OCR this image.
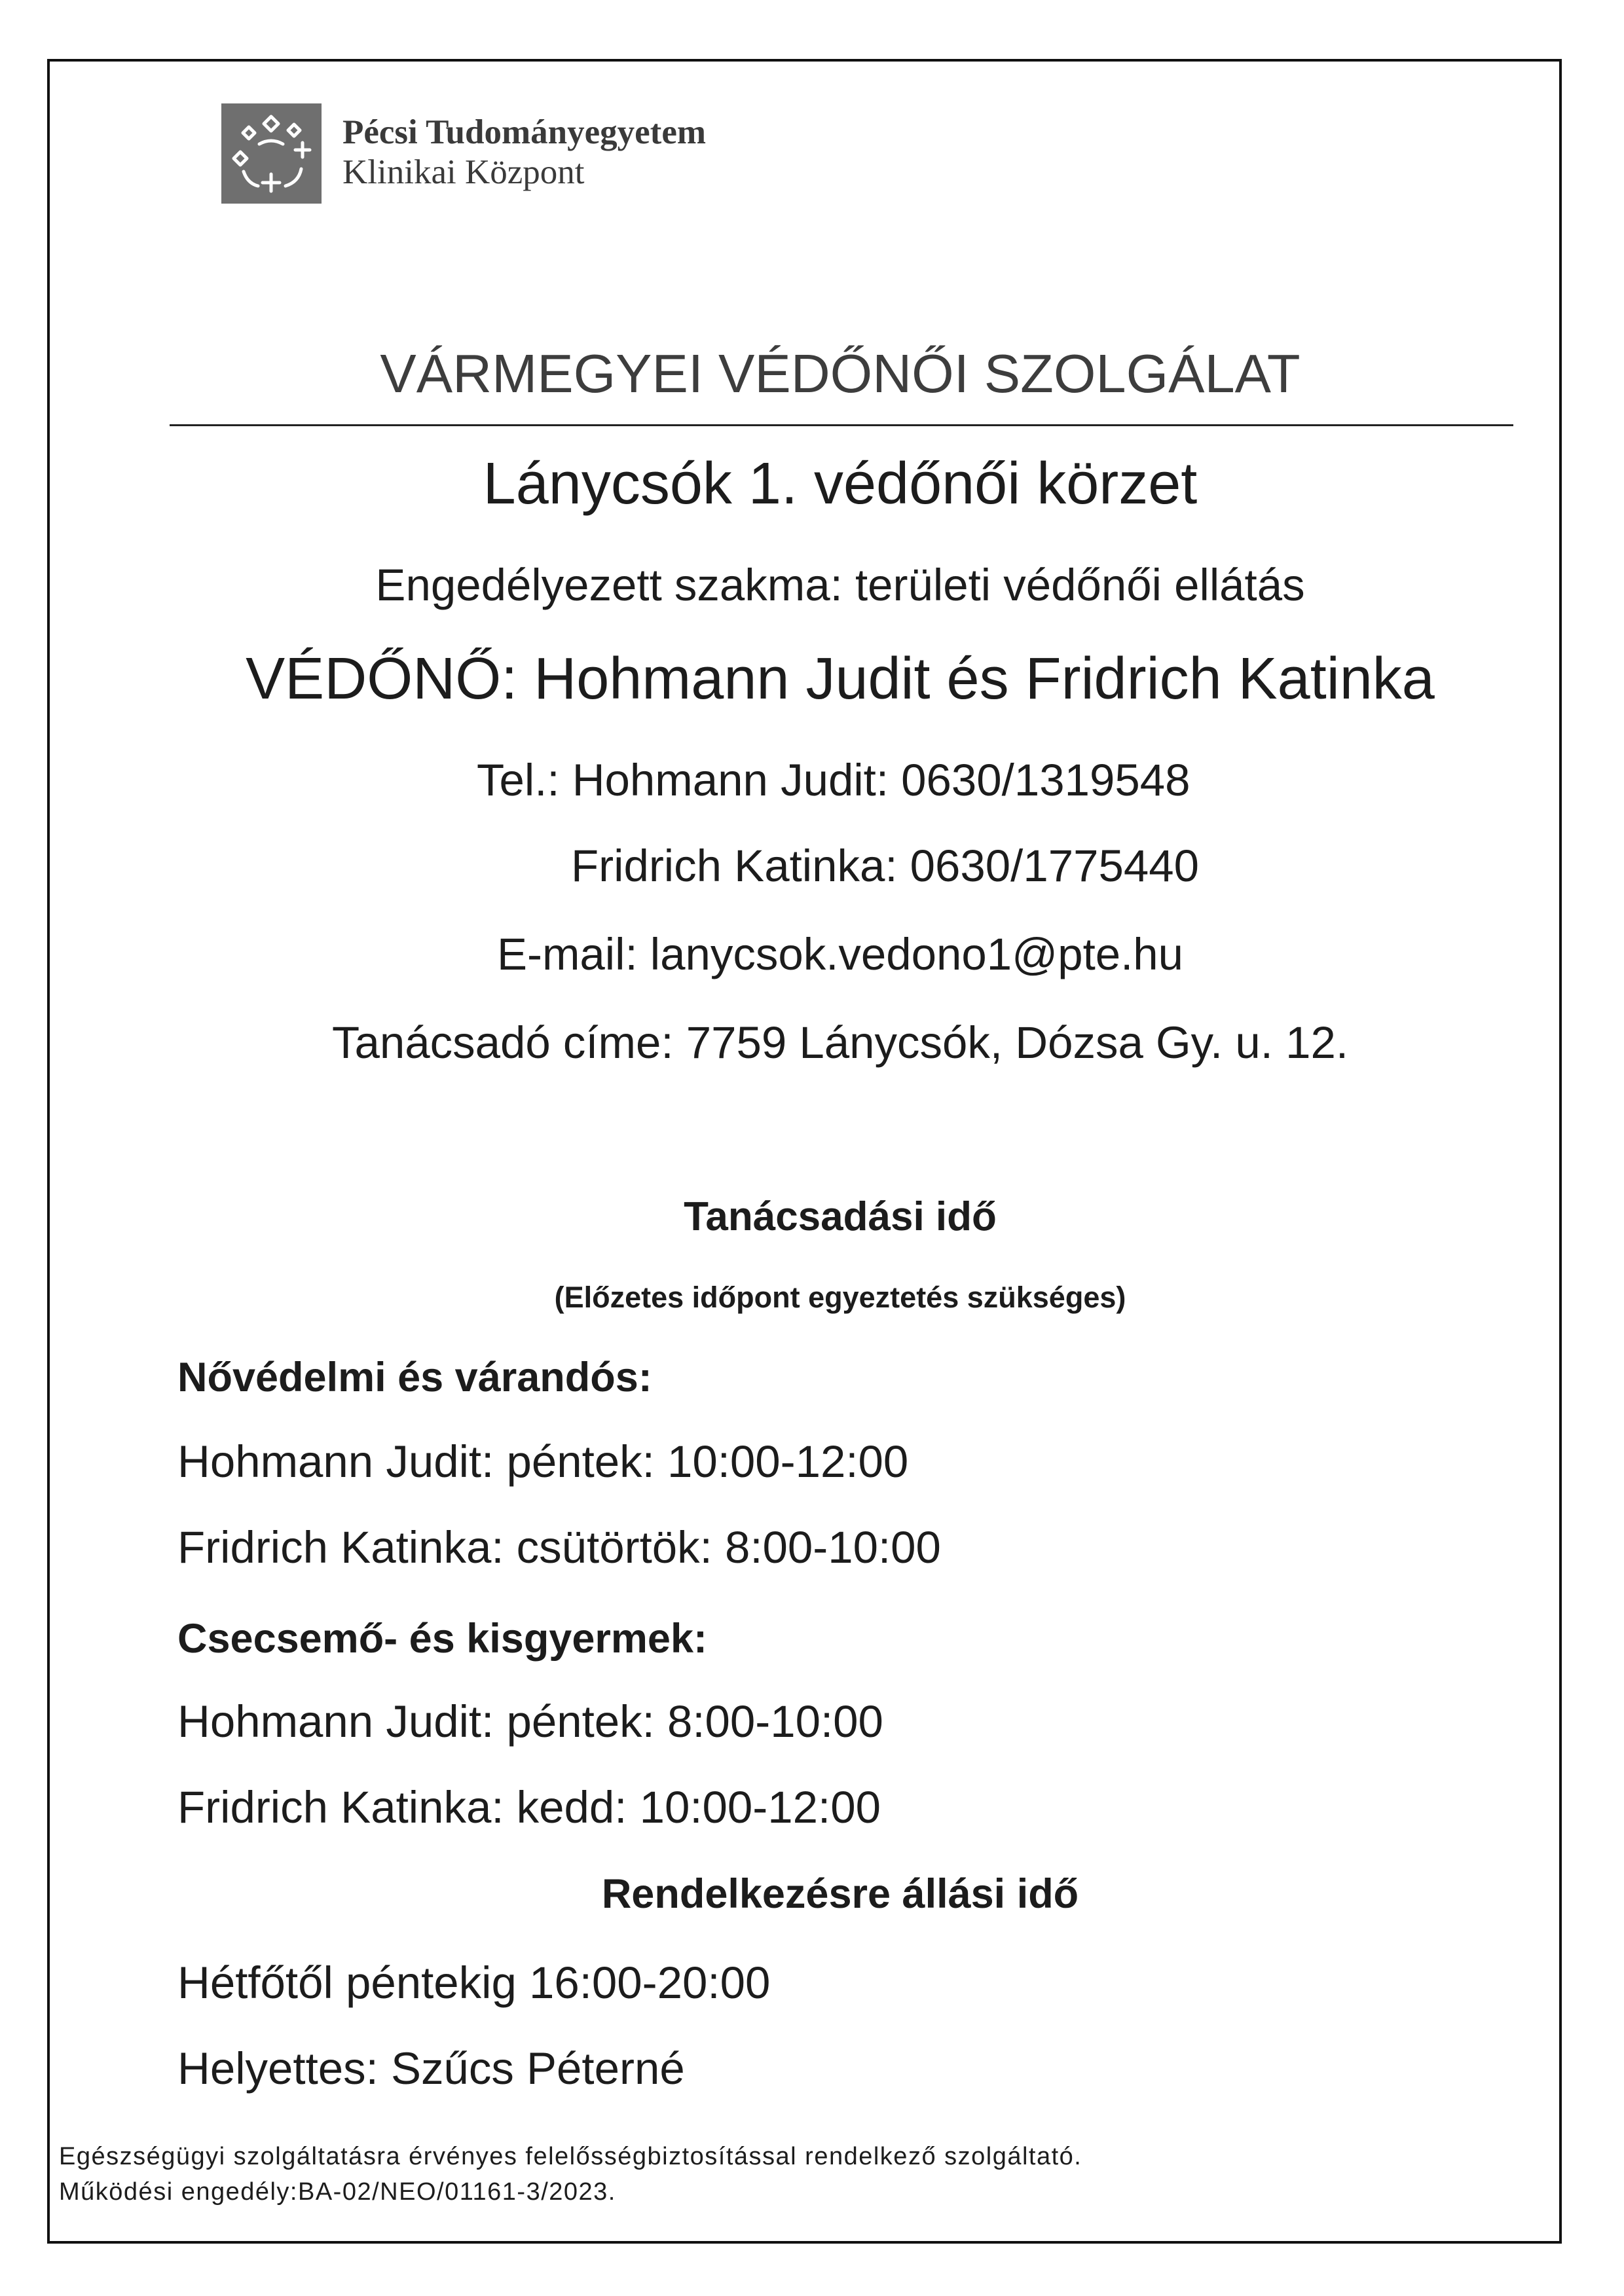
Pécsi Tudományegyetem
Klinikai Központ
VÁRMEGYEI VÉDŐNŐI SZOLGÁLAT
Lánycsók 1. védőnői körzet
Engedélyezett szakma: területi védőnői ellátás
VÉDŐNŐ: Hohmann Judit és Fridrich Katinka
Tel.: Hohmann Judit: 0630/1319548
Fridrich Katinka: 0630/1775440
E-mail: lanycsok.vedono1@pte.hu
Tanácsadó címe: 7759 Lánycsók, Dózsa Gy. u. 12.
Tanácsadási idő
(Előzetes időpont egyeztetés szükséges)
Nővédelmi és várandós:
Hohmann Judit: péntek: 10:00-12:00
Fridrich Katinka: csütörtök: 8:00-10:00
Csecsemő- és kisgyermek:
Hohmann Judit: péntek: 8:00-10:00
Fridrich Katinka: kedd: 10:00-12:00
Rendelkezésre állási idő
Hétfőtől péntekig 16:00-20:00
Helyettes: Szűcs Péterné
Egészségügyi szolgáltatásra érvényes felelősségbiztosítással rendelkező szolgáltató.
Működési engedély:BA-02/NEO/01161-3/2023.
